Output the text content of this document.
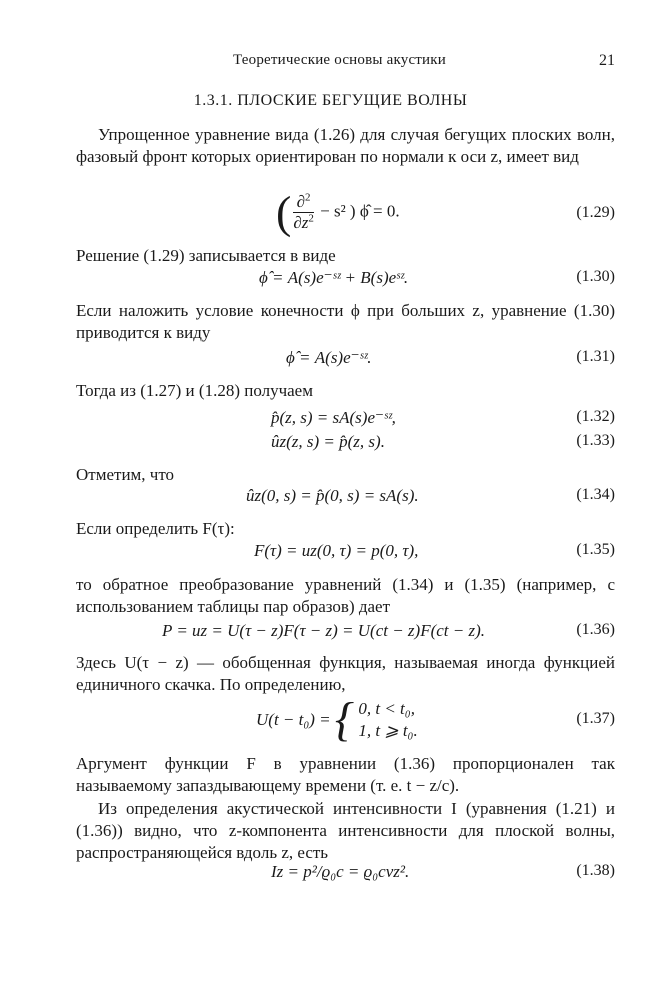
Теоретические основы акустики	21
1.3.1. ПЛОСКИЕ БЕГУЩИЕ ВОЛНЫ

Упрощенное уравнение вида (1.26) для случая бегущих плоских волн, фазовый фронт которых ориентирован по нормали к оси z, имеет вид

( $\frac{\partial^2}{\partial z^2} - s^2$ ) ϕ̂ = 0.	(1.29)

Решение (1.29) записывается в виде

ϕ̂ = A(s)e⁻ˢᶻ + B(s)eˢᶻ.	(1.30)

Если наложить условие конечности ϕ при больших z, уравнение (1.30) приводится к виду

ϕ̂ = A(s)e⁻ˢᶻ.	(1.31)

Тогда из (1.27) и (1.28) получаем

p̂(z, s) = sA(s)e⁻ˢᶻ,	(1.32)
ûz(z, s) = p̂(z, s).	(1.33)

Отметим, что

ûz(0, s) = p̂(0, s) = sA(s).	(1.34)

Если определить F(τ):

F(τ) = uz(0, τ) = p(0, τ),	(1.35)

то обратное преобразование уравнений (1.34) и (1.35) (например, с использованием таблицы пар образов) дает

P = uz = U(τ − z)F(τ − z) = U(ct − z)F(ct − z).	(1.36)

Здесь U(τ − z) — обобщенная функция, называемая иногда функцией единичного скачка. По определению,

U(t − t₀) = { 0, t < t₀,
1, t ⩾ t₀.
(1.37)

Аргумент функции F в уравнении (1.36) пропорционален так называемому запаздывающему времени (т. е. t − z/c).

Из определения акустической интенсивности I (уравнения (1.21) и (1.36)) видно, что z-компонента интенсивности для плоской волны, распространяющейся вдоль z, есть

Iz = p²/ϱ₀c = ϱ₀cvz².	(1.38)
